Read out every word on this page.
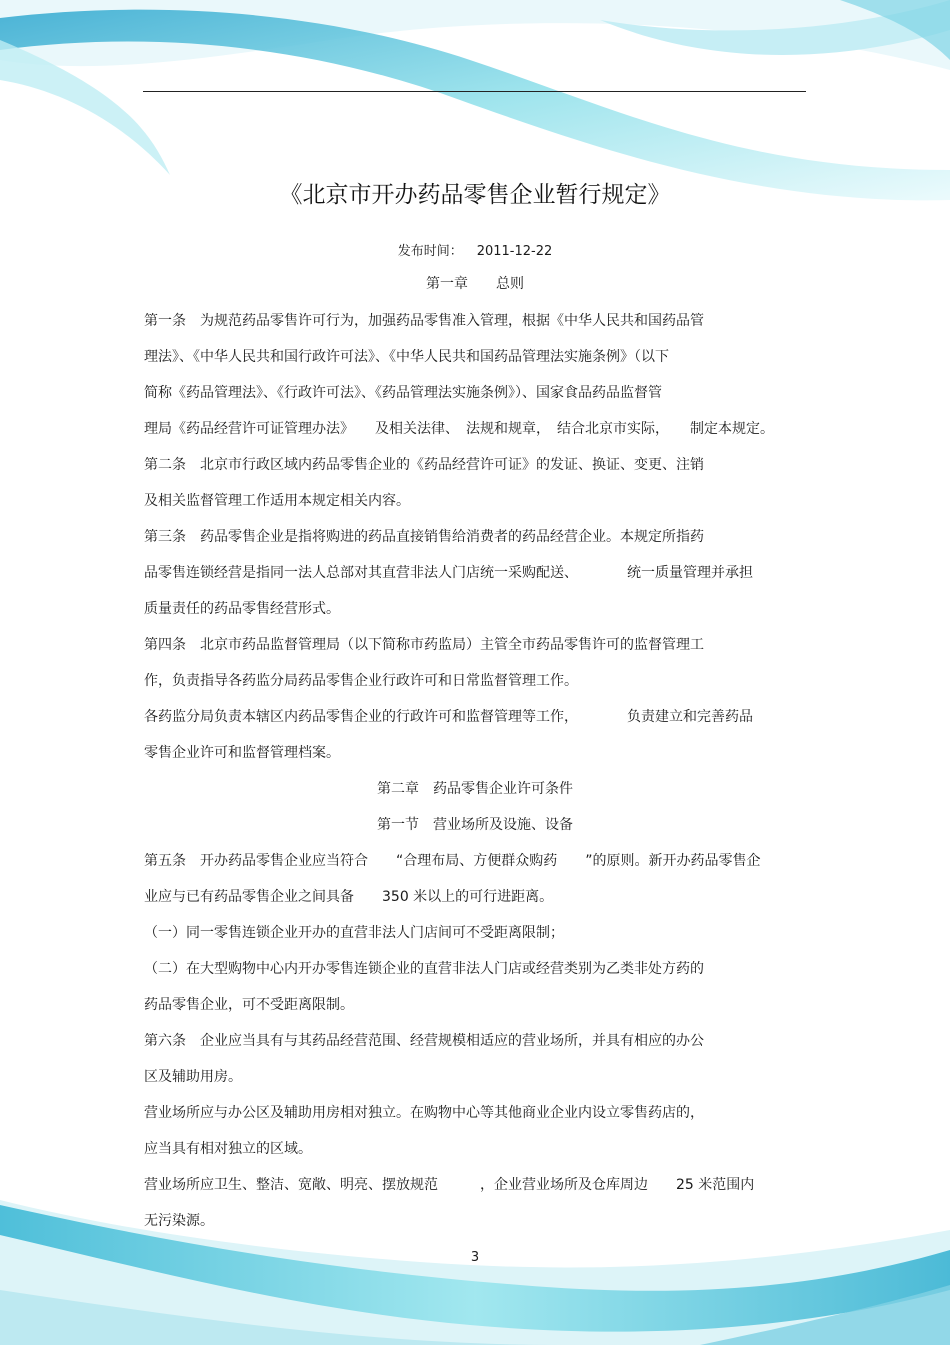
《北京市开办药品零售企业暂行规定》
发布时间： 2011-12-22
第一章　　总则
第一条　为规范药品零售许可行为，加强药品零售准入管理，根据《中华人民共和国药品管
理法》、《中华人民共和国行政许可法》、《中华人民共和国药品管理法实施条例》（以下
简称《药品管理法》、《行政许可法》、《药品管理法实施条例》）、国家食品药品监督管
理局《药品经营许可证管理办法》　　及相关法律、　法规和规章，　结合北京市实际，　　制定本规定。
第二条　北京市行政区域内药品零售企业的《药品经营许可证》的发证、换证、变更、注销
及相关监督管理工作适用本规定相关内容。
第三条　药品零售企业是指将购进的药品直接销售给消费者的药品经营企业。本规定所指药
品零售连锁经营是指同一法人总部对其直营非法人门店统一采购配送、　　　　统一质量管理并承担
质量责任的药品零售经营形式。
第四条　北京市药品监督管理局（以下简称市药监局）主管全市药品零售许可的监督管理工
作，负责指导各药监分局药品零售企业行政许可和日常监督管理工作。
各药监分局负责本辖区内药品零售企业的行政许可和监督管理等工作，　　　　负责建立和完善药品
零售企业许可和监督管理档案。
第二章　药品零售企业许可条件
第一节　营业场所及设施、设备
第五条　开办药品零售企业应当符合　　“合理布局、方便群众购药　　”的原则。新开办药品零售企
业应与已有药品零售企业之间具备　　350 米以上的可行进距离。
（一）同一零售连锁企业开办的直营非法人门店间可不受距离限制；
（二）在大型购物中心内开办零售连锁企业的直营非法人门店或经营类别为乙类非处方药的
药品零售企业，可不受距离限制。
第六条　企业应当具有与其药品经营范围、经营规模相适应的营业场所，并具有相应的办公
区及辅助用房。
营业场所应与办公区及辅助用房相对独立。在购物中心等其他商业企业内设立零售药店的，
应当具有相对独立的区域。
营业场所应卫生、整洁、宽敞、明亮、摆放规范　　　，企业营业场所及仓库周边　　25 米范围内
无污染源。
3
